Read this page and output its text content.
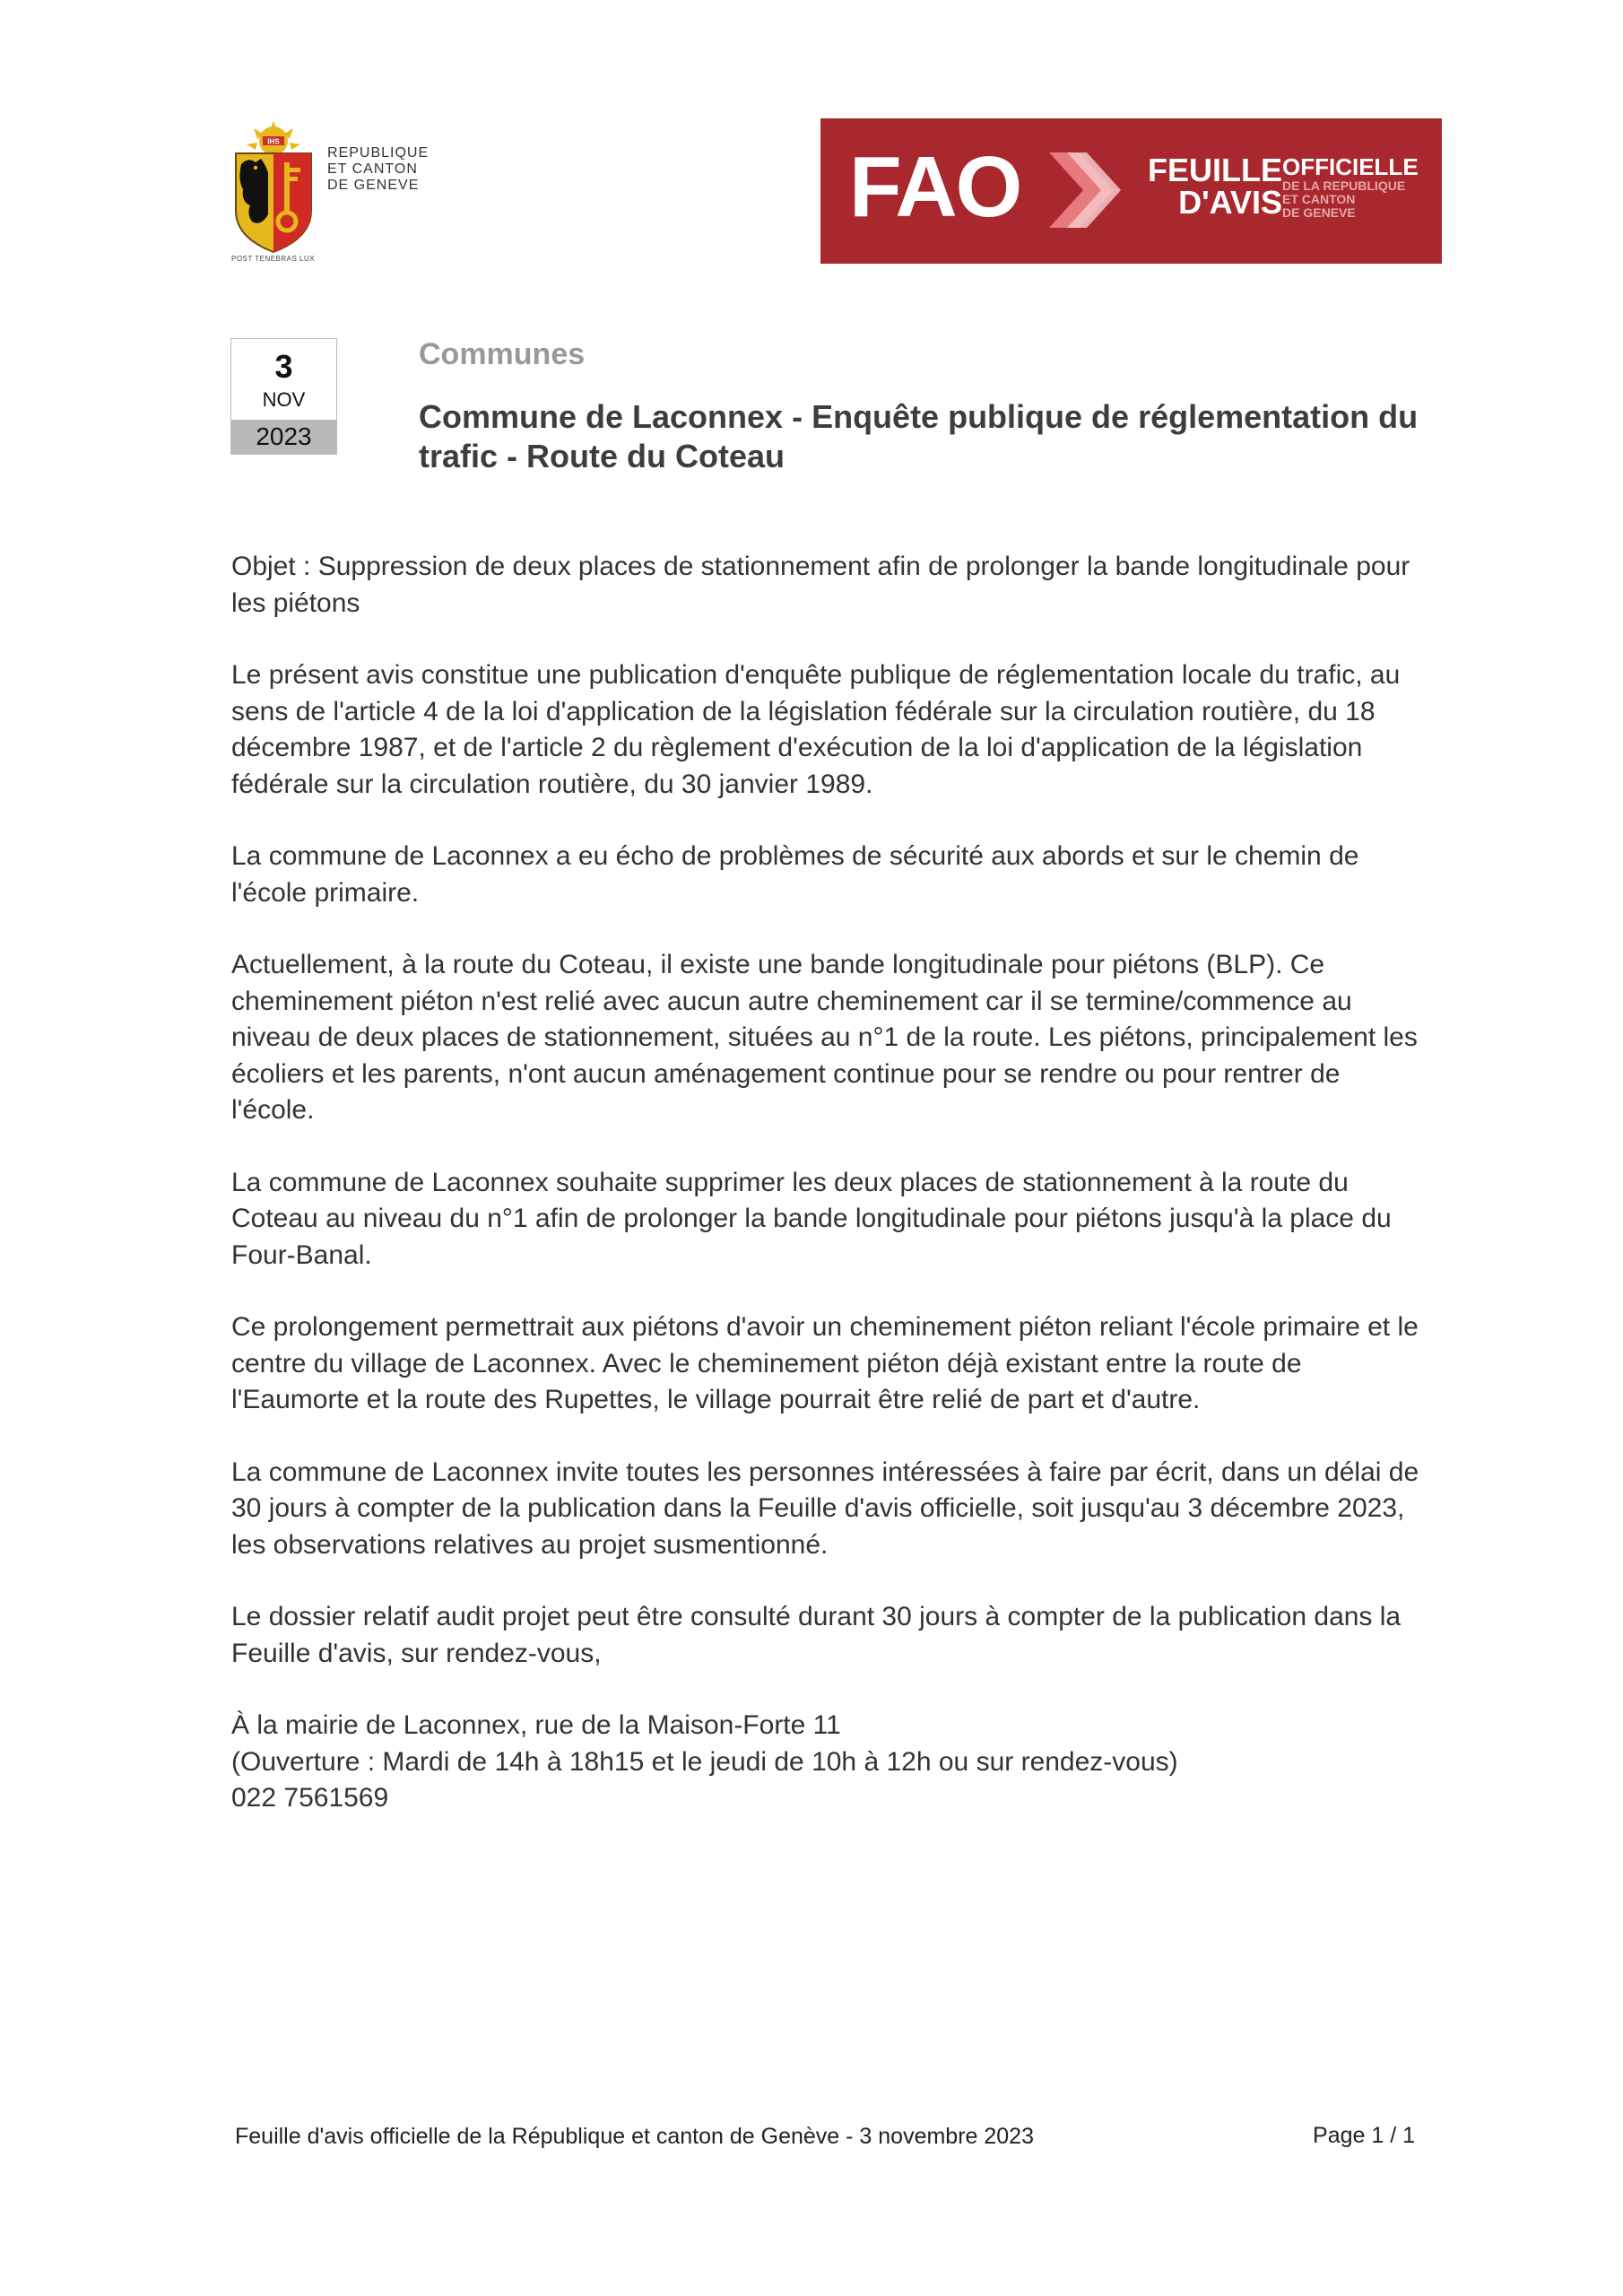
IHS
REPUBLIQUE
ET CANTON
DE GENEVE
POST TENEBRAS LUX
FAO	FEUILLE
D'AVIS
OFFICIELLE
DE LA REPUBLIQUE
ET CANTON
DE GENEVE
3
NOV
2023
Communes
Commune de Laconnex - Enquête publique de réglementation du trafic - Route du Coteau

Objet : Suppression de deux places de stationnement afin de prolonger la bande longitudinale pour les piétons

Le présent avis constitue une publication d'enquête publique de réglementation locale du trafic, au sens de l'article 4 de la loi d'application de la législation fédérale sur la circulation routière, du 18 décembre 1987, et de l'article 2 du règlement d'exécution de la loi d'application de la législation fédérale sur la circulation routière, du 30 janvier 1989.

La commune de Laconnex a eu écho de problèmes de sécurité aux abords et sur le chemin de l'école primaire.

Actuellement, à la route du Coteau, il existe une bande longitudinale pour piétons (BLP). Ce cheminement piéton n'est relié avec aucun autre cheminement car il se termine/commence au niveau de deux places de stationnement, situées au n°1 de la route. Les piétons, principalement les écoliers et les parents, n'ont aucun aménagement continue pour se rendre ou pour rentrer de l'école.

La commune de Laconnex souhaite supprimer les deux places de stationnement à la route du Coteau au niveau du n°1 afin de prolonger la bande longitudinale pour piétons jusqu'à la place du Four-Banal.

Ce prolongement permettrait aux piétons d'avoir un cheminement piéton reliant l'école primaire et le centre du village de Laconnex. Avec le cheminement piéton déjà existant entre la route de l'Eaumorte et la route des Rupettes, le village pourrait être relié de part et d'autre.

La commune de Laconnex invite toutes les personnes intéressées à faire par écrit, dans un délai de 30 jours à compter de la publication dans la Feuille d'avis officielle, soit jusqu'au 3 décembre 2023, les observations relatives au projet susmentionné.

Le dossier relatif audit projet peut être consulté durant 30 jours à compter de la publication dans la Feuille d'avis, sur rendez-vous,

À la mairie de Laconnex, rue de la Maison-Forte 11
(Ouverture : Mardi de 14h à 18h15 et le jeudi de 10h à 12h ou sur rendez-vous)
022 7561569

Feuille d'avis officielle de la République et canton de Genève - 3 novembre 2023	Page 1 / 1
